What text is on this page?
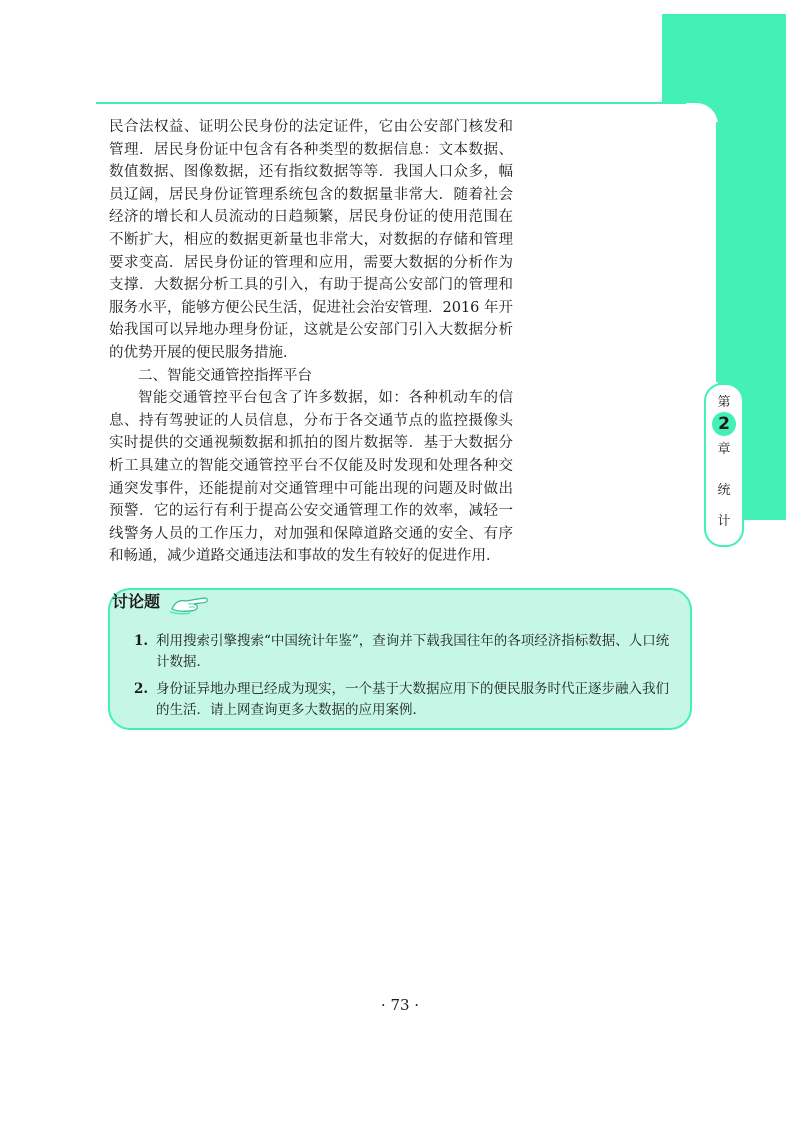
民合法权益、证明公民身份的法定证件，它由公安部门核发和管理．居民身份证中包含有各种类型的数据信息：文本数据、数值数据、图像数据，还有指纹数据等等．我国人口众多，幅员辽阔，居民身份证管理系统包含的数据量非常大．随着社会经济的增长和人员流动的日趋频繁，居民身份证的使用范围在不断扩大，相应的数据更新量也非常大，对数据的存储和管理要求变高．居民身份证的管理和应用，需要大数据的分析作为支撑．大数据分析工具的引入，有助于提高公安部门的管理和服务水平，能够方便公民生活，促进社会治安管理．2016 年开始我国可以异地办理身份证，这就是公安部门引入大数据分析的优势开展的便民服务措施．

二、智能交通管控指挥平台

智能交通管控平台包含了许多数据，如：各种机动车的信息、持有驾驶证的人员信息，分布于各交通节点的监控摄像头实时提供的交通视频数据和抓拍的图片数据等．基于大数据分析工具建立的智能交通管控平台不仅能及时发现和处理各种交通突发事件，还能提前对交通管理中可能出现的问题及时做出预警．它的运行有利于提高公安交通管理工作的效率，减轻一线警务人员的工作压力，对加强和保障道路交通的安全、有序和畅通，减少道路交通违法和事故的发生有较好的促进作用．

第
2
章
统
计
讨论题
1. 利用搜索引擎搜索“中国统计年鉴”，查询并下载我国往年的各项经济指标数据、人口统计数据．
2. 身份证异地办理已经成为现实，一个基于大数据应用下的便民服务时代正逐步融入我们的生活．请上网查询更多大数据的应用案例．
· 73 ·
